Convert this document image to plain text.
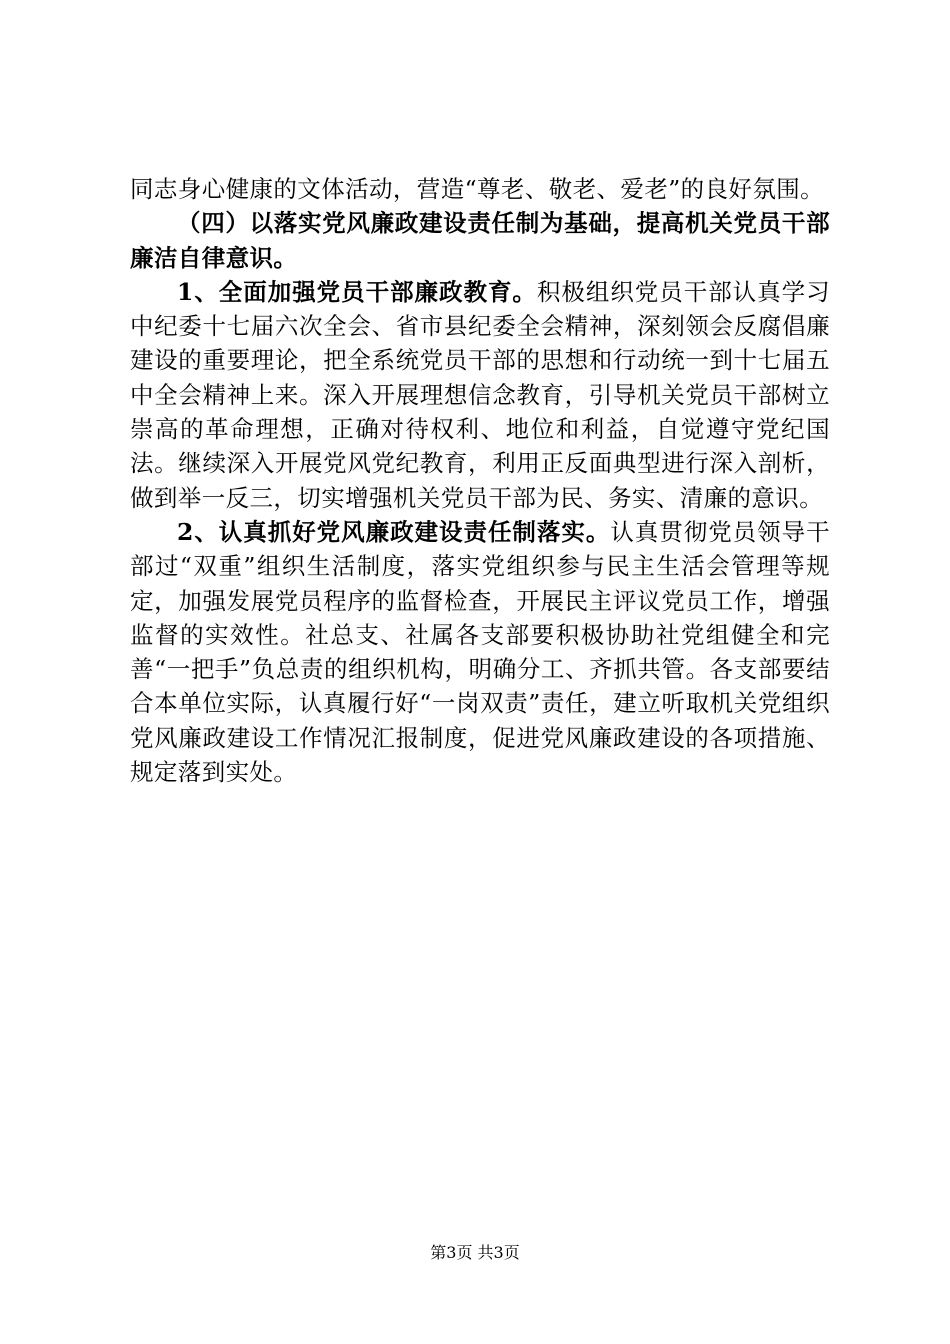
同志身心健康的文体活动，营造“尊老、敬老、爱老”的良好氛围。

（四）以落实党风廉政建设责任制为基础，提高机关党员干部廉洁自律意识。

1、全面加强党员干部廉政教育。积极组织党员干部认真学习中纪委十七届六次全会、省市县纪委全会精神，深刻领会反腐倡廉建设的重要理论，把全系统党员干部的思想和行动统一到十七届五中全会精神上来。深入开展理想信念教育，引导机关党员干部树立崇高的革命理想，正确对待权利、地位和利益，自觉遵守党纪国法。继续深入开展党风党纪教育，利用正反面典型进行深入剖析，做到举一反三，切实增强机关党员干部为民、务实、清廉的意识。

2、认真抓好党风廉政建设责任制落实。认真贯彻党员领导干部过“双重”组织生活制度，落实党组织参与民主生活会管理等规定，加强发展党员程序的监督检查，开展民主评议党员工作，增强监督的实效性。社总支、社属各支部要积极协助社党组健全和完善“一把手”负总责的组织机构，明确分工、齐抓共管。各支部要结合本单位实际，认真履行好“一岗双责”责任，建立听取机关党组织党风廉政建设工作情况汇报制度，促进党风廉政建设的各项措施、规定落到实处。

第3页 共3页
